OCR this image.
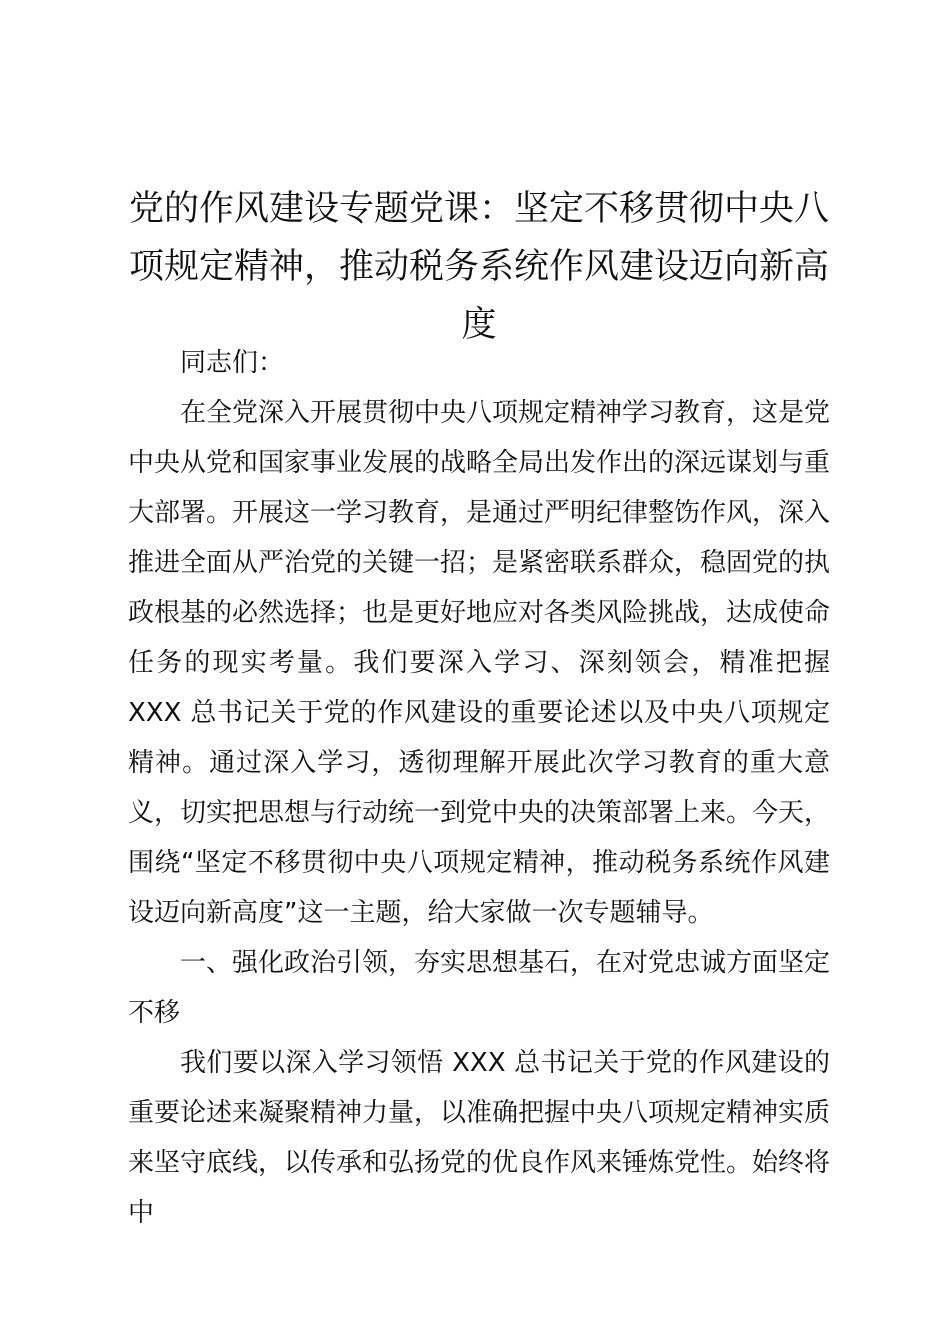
党的作风建设专题党课：坚定不移贯彻中央八项规定精神，推动税务系统作风建设迈向新高度

同志们：

在全党深入开展贯彻中央八项规定精神学习教育，这是党中央从党和国家事业发展的战略全局出发作出的深远谋划与重大部署。开展这一学习教育，是通过严明纪律整饬作风，深入推进全面从严治党的关键一招；是紧密联系群众，稳固党的执政根基的必然选择；也是更好地应对各类风险挑战，达成使命任务的现实考量。我们要深入学习、深刻领会，精准把握 XXX 总书记关于党的作风建设的重要论述以及中央八项规定精神。通过深入学习，透彻理解开展此次学习教育的重大意义，切实把思想与行动统一到党中央的决策部署上来。今天，围绕“坚定不移贯彻中央八项规定精神，推动税务系统作风建设迈向新高度”这一主题，给大家做一次专题辅导。

一、强化政治引领，夯实思想基石，在对党忠诚方面坚定不移

我们要以深入学习领悟 XXX 总书记关于党的作风建设的重要论述来凝聚精神力量，以准确把握中央八项规定精神实质来坚守底线，以传承和弘扬党的优良作风来锤炼党性。始终将中
